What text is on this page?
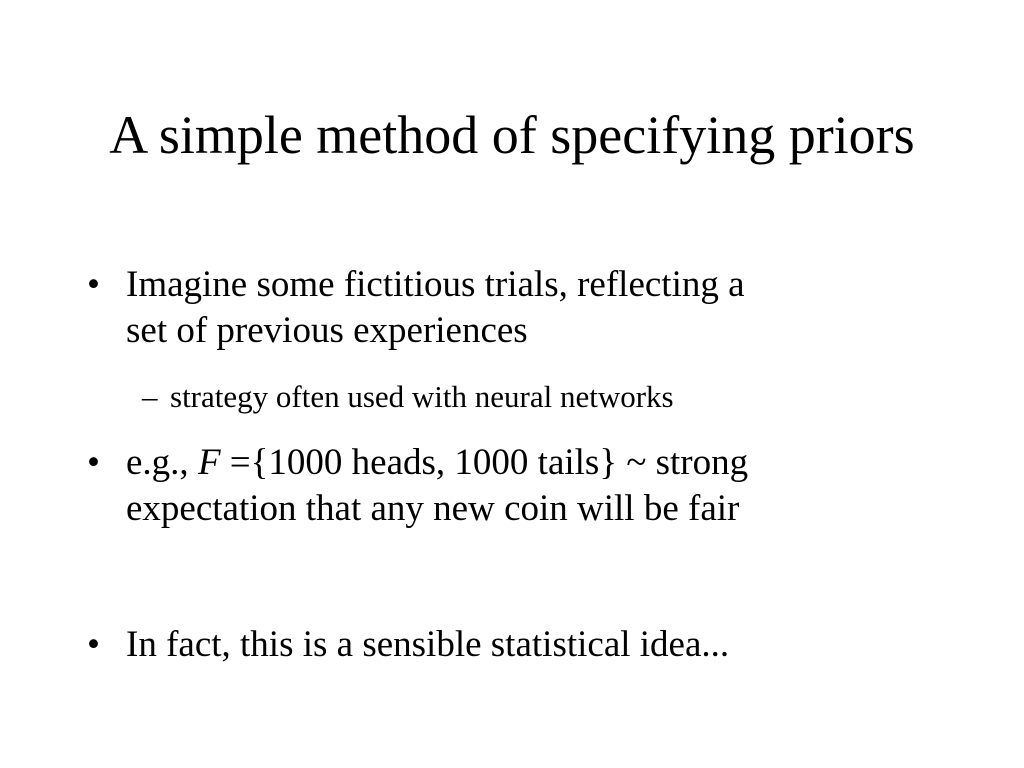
A simple method of specifying priors
• Imagine some fictitious trials, reflecting a
set of previous experiences
– strategy often used with neural networks
• e.g., F ={1000 heads, 1000 tails} ~ strong
expectation that any new coin will be fair
• In fact, this is a sensible statistical idea...
